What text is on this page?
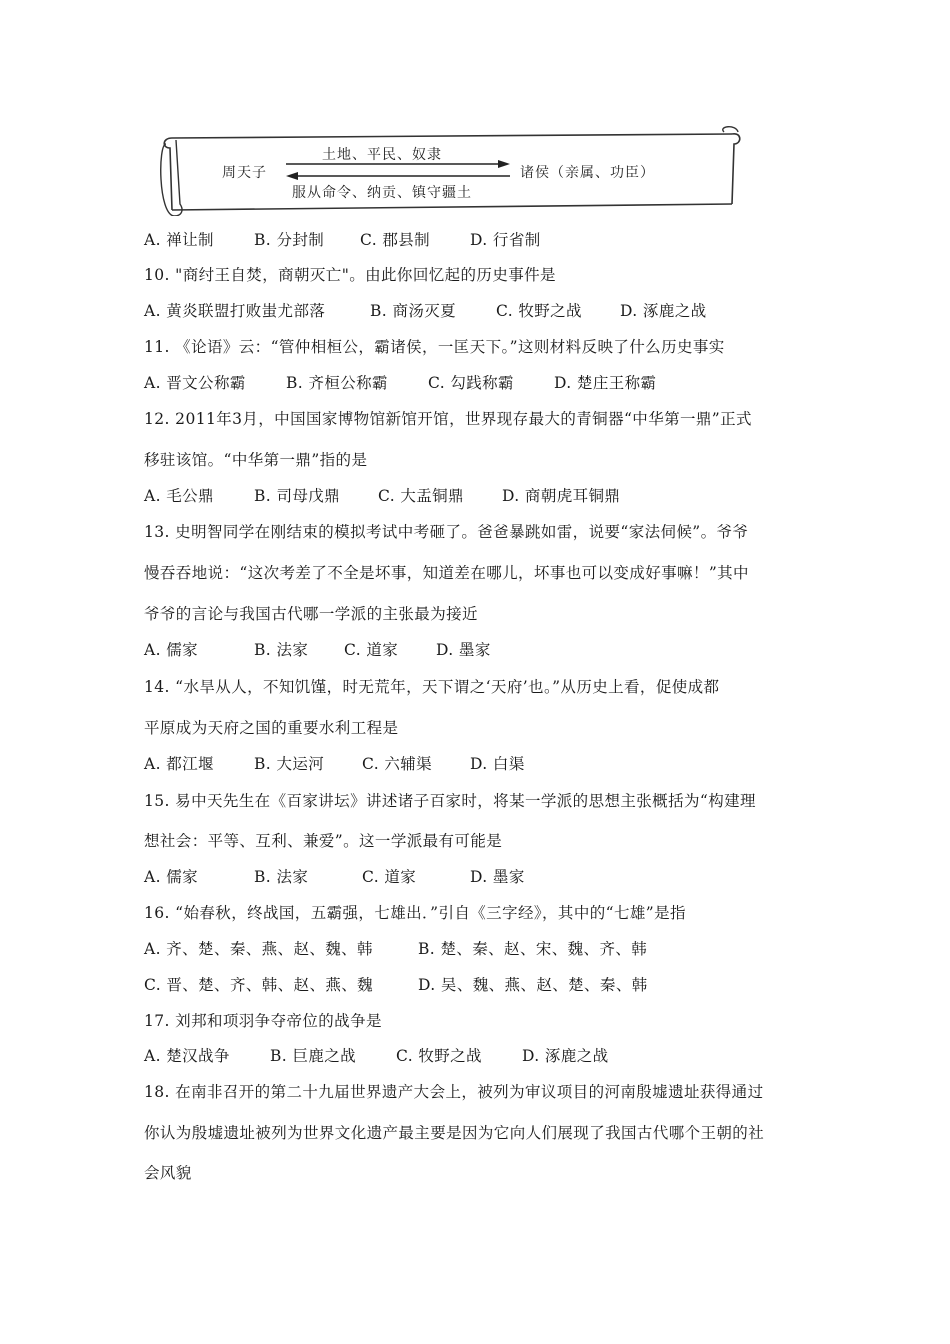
周天子	诸侯（亲属、功臣）
土地、平民、奴隶
服从命令、纳贡、镇守疆土
A. 禅让制	B. 分封制 C. 郡县制	D. 行省制
10. "商纣王自焚，商朝灭亡"。由此你回忆起的历史事件是
A. 黄炎联盟打败蚩尤部落	B. 商汤灭夏	C. 牧野之战 D. 涿鹿之战
11. 《论语》云：“管仲相桓公，霸诸侯，一匡天下。”这则材料反映了什么历史事实
A. 晋文公称霸	B. 齐桓公称霸	C. 勾践称霸	D. 楚庄王称霸
12. 2011年3月，中国国家博物馆新馆开馆，世界现存最大的青铜器“中华第一鼎”正式
移驻该馆。“中华第一鼎”指的是
A. 毛公鼎	B. 司母戊鼎 C. 大盂铜鼎 D. 商朝虎耳铜鼎
13. 史明智同学在刚结束的模拟考试中考砸了。爸爸暴跳如雷，说要“家法伺候”。爷爷
慢吞吞地说：“这次考差了不全是坏事，知道差在哪儿，坏事也可以变成好事嘛！”其中
爷爷的言论与我国古代哪一学派的主张最为接近
A. 儒家	B. 法家 C. 道家 D. 墨家
14. “水旱从人，不知饥馑，时无荒年，天下谓之‘天府’也。”从历史上看，促使成都
平原成为天府之国的重要水利工程是
A. 都江堰	B. 大运河 C. 六辅渠 D. 白渠
15. 易中天先生在《百家讲坛》讲述诸子百家时，将某一学派的思想主张概括为“构建理
想社会：平等、互利、兼爱”。这一学派最有可能是
A. 儒家	B. 法家	C. 道家	D. 墨家
16. “始春秋，终战国，五霸强，七雄出．”引自《三字经》，其中的“七雄”是指
A. 齐、楚、秦、燕、赵、魏、韩	B. 楚、秦、赵、宋、魏、齐、韩
C. 晋、楚、齐、韩、赵、燕、魏	D. 吴、魏、燕、赵、楚、秦、韩
17. 刘邦和项羽争夺帝位的战争是
A. 楚汉战争	B. 巨鹿之战	C. 牧野之战	D. 涿鹿之战
18. 在南非召开的第二十九届世界遗产大会上，被列为审议项目的河南殷墟遗址获得通过
你认为殷墟遗址被列为世界文化遗产最主要是因为它向人们展现了我国古代哪个王朝的社
会风貌
